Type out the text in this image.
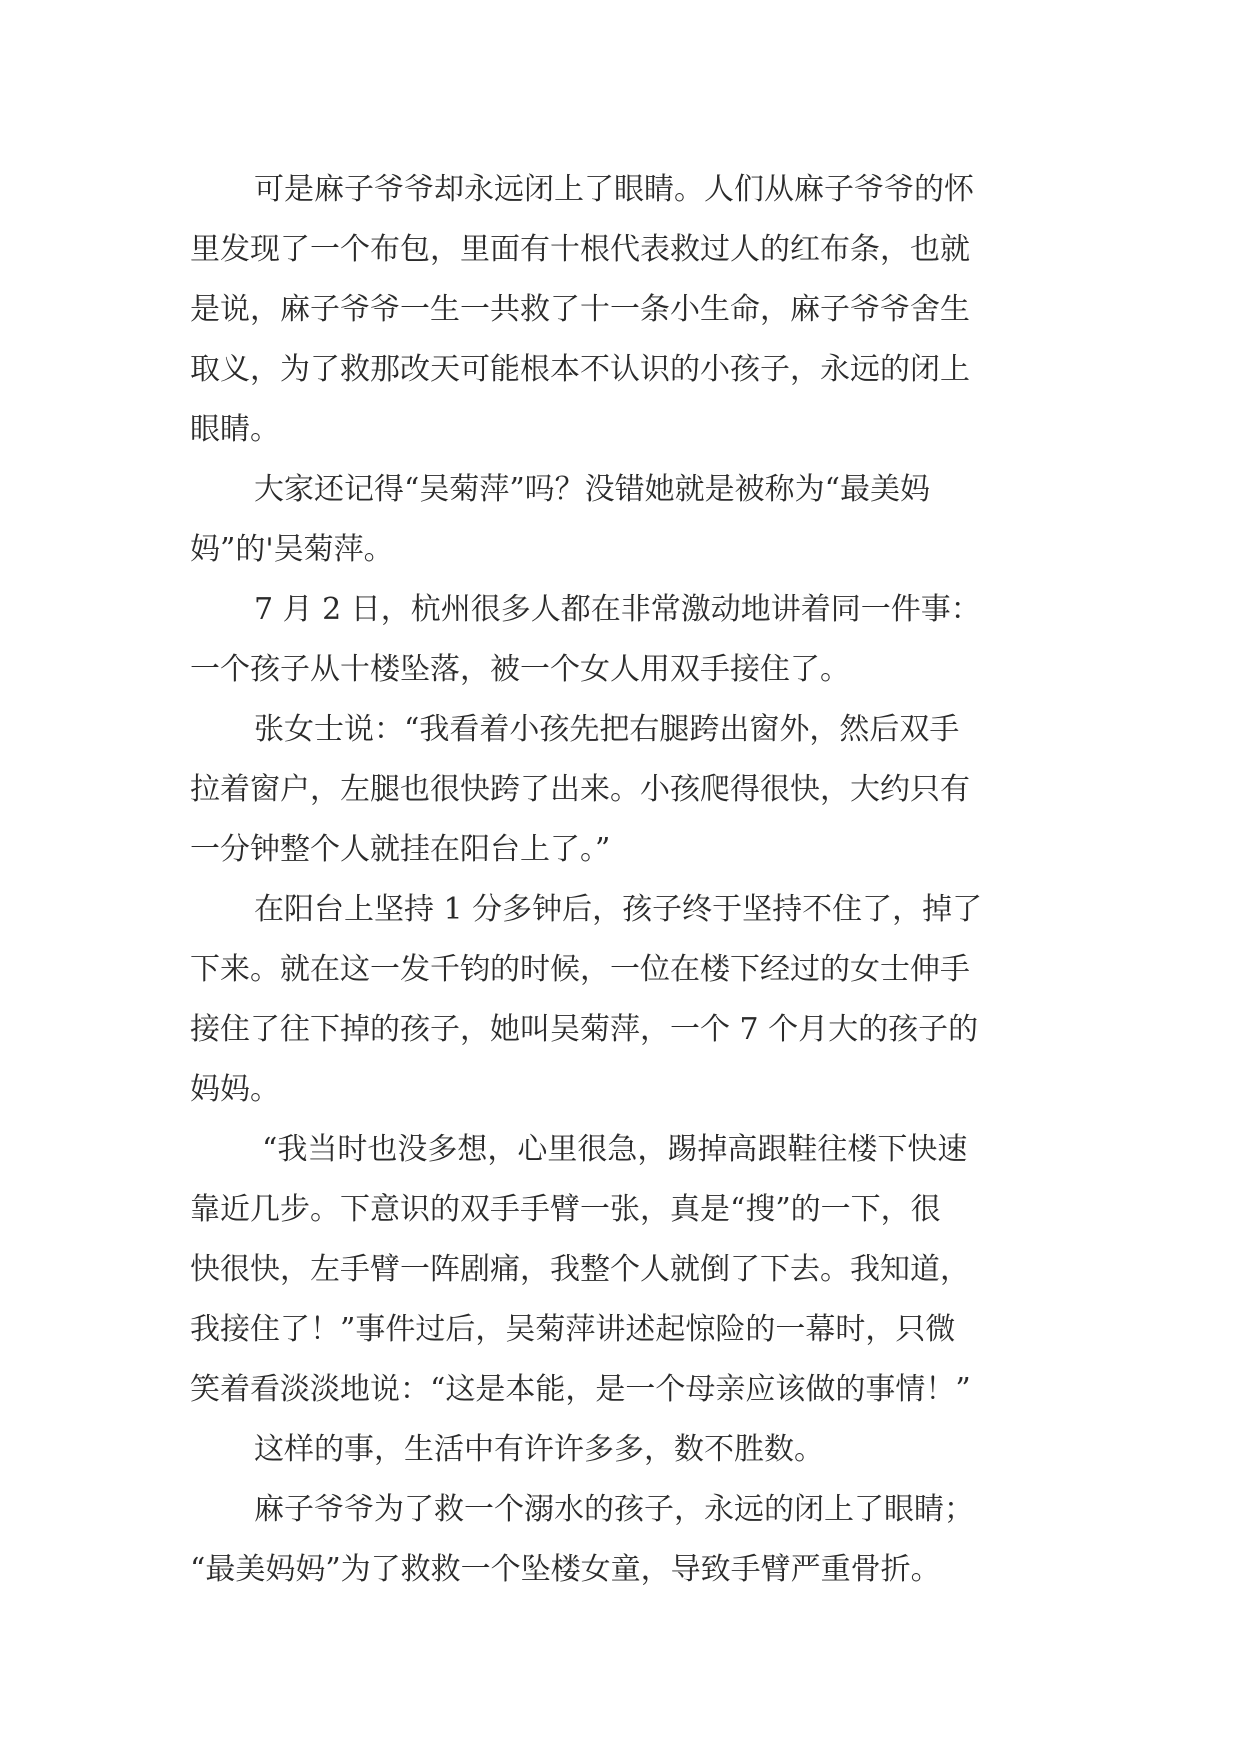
可是麻子爷爷却永远闭上了眼睛。人们从麻子爷爷的怀
里发现了一个布包，里面有十根代表救过人的红布条，也就
是说，麻子爷爷一生一共救了十一条小生命，麻子爷爷舍生
取义，为了救那改天可能根本不认识的小孩子，永远的闭上
眼睛。
大家还记得“吴菊萍”吗？没错她就是被称为“最美妈
妈”的'吴菊萍。
7 月 2 日，杭州很多人都在非常激动地讲着同一件事：
一个孩子从十楼坠落，被一个女人用双手接住了。
张女士说：“我看着小孩先把右腿跨出窗外，然后双手
拉着窗户，左腿也很快跨了出来。小孩爬得很快，大约只有
一分钟整个人就挂在阳台上了。”
在阳台上坚持 1 分多钟后，孩子终于坚持不住了，掉了
下来。就在这一发千钧的时候，一位在楼下经过的女士伸手
接住了往下掉的孩子，她叫吴菊萍，一个 7 个月大的孩子的
妈妈。
“我当时也没多想，心里很急，踢掉高跟鞋往楼下快速
靠近几步。下意识的双手手臂一张，真是“搜”的一下，很
快很快，左手臂一阵剧痛，我整个人就倒了下去。我知道，
我接住了！”事件过后，吴菊萍讲述起惊险的一幕时，只微
笑着看淡淡地说：“这是本能，是一个母亲应该做的事情！”
这样的事，生活中有许许多多，数不胜数。
麻子爷爷为了救一个溺水的孩子，永远的闭上了眼睛；
“最美妈妈”为了救救一个坠楼女童，导致手臂严重骨折。
